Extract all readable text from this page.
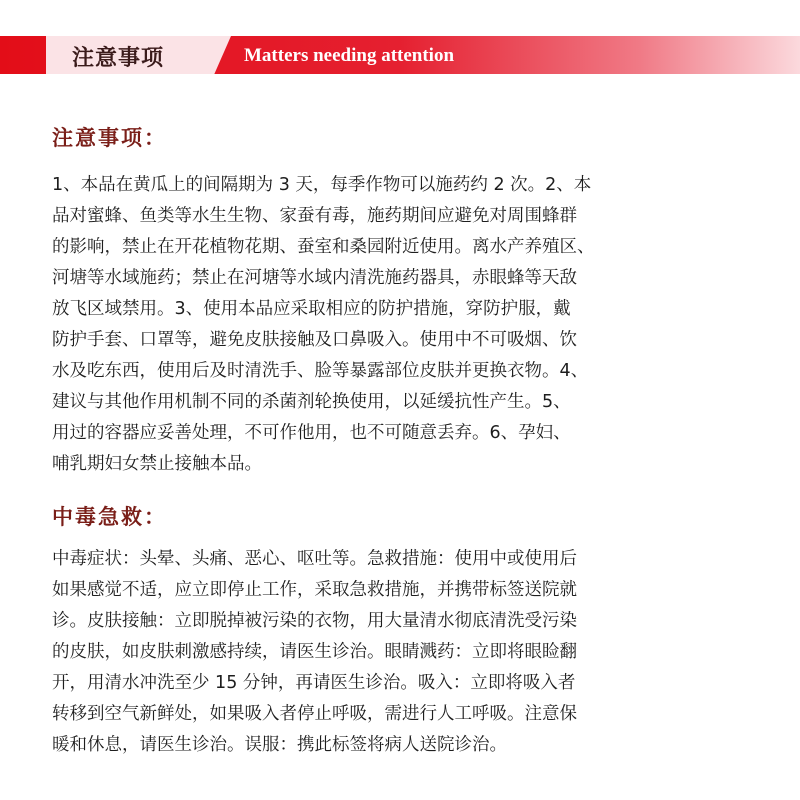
注意事项	Matters needing attention
注意事项：
1、本品在黄瓜上的间隔期为 3 天，每季作物可以施药约 2 次。2、本
品对蜜蜂、鱼类等水生生物、家蚕有毒，施药期间应避免对周围蜂群
的影响，禁止在开花植物花期、蚕室和桑园附近使用。离水产养殖区、
河塘等水域施药；禁止在河塘等水域内清洗施药器具，赤眼蜂等天敌
放飞区域禁用。3、使用本品应采取相应的防护措施，穿防护服，戴
防护手套、口罩等，避免皮肤接触及口鼻吸入。使用中不可吸烟、饮
水及吃东西，使用后及时清洗手、脸等暴露部位皮肤并更换衣物。4、
建议与其他作用机制不同的杀菌剂轮换使用，以延缓抗性产生。5、
用过的容器应妥善处理，不可作他用，也不可随意丢弃。6、孕妇、
哺乳期妇女禁止接触本品。
中毒急救：
中毒症状：头晕、头痛、恶心、呕吐等。急救措施：使用中或使用后
如果感觉不适，应立即停止工作，采取急救措施，并携带标签送院就
诊。皮肤接触：立即脱掉被污染的衣物，用大量清水彻底清洗受污染
的皮肤，如皮肤刺激感持续，请医生诊治。眼睛溅药：立即将眼睑翻
开，用清水冲洗至少 15 分钟，再请医生诊治。吸入：立即将吸入者
转移到空气新鲜处，如果吸入者停止呼吸，需进行人工呼吸。注意保
暖和休息，请医生诊治。误服：携此标签将病人送院诊治。
